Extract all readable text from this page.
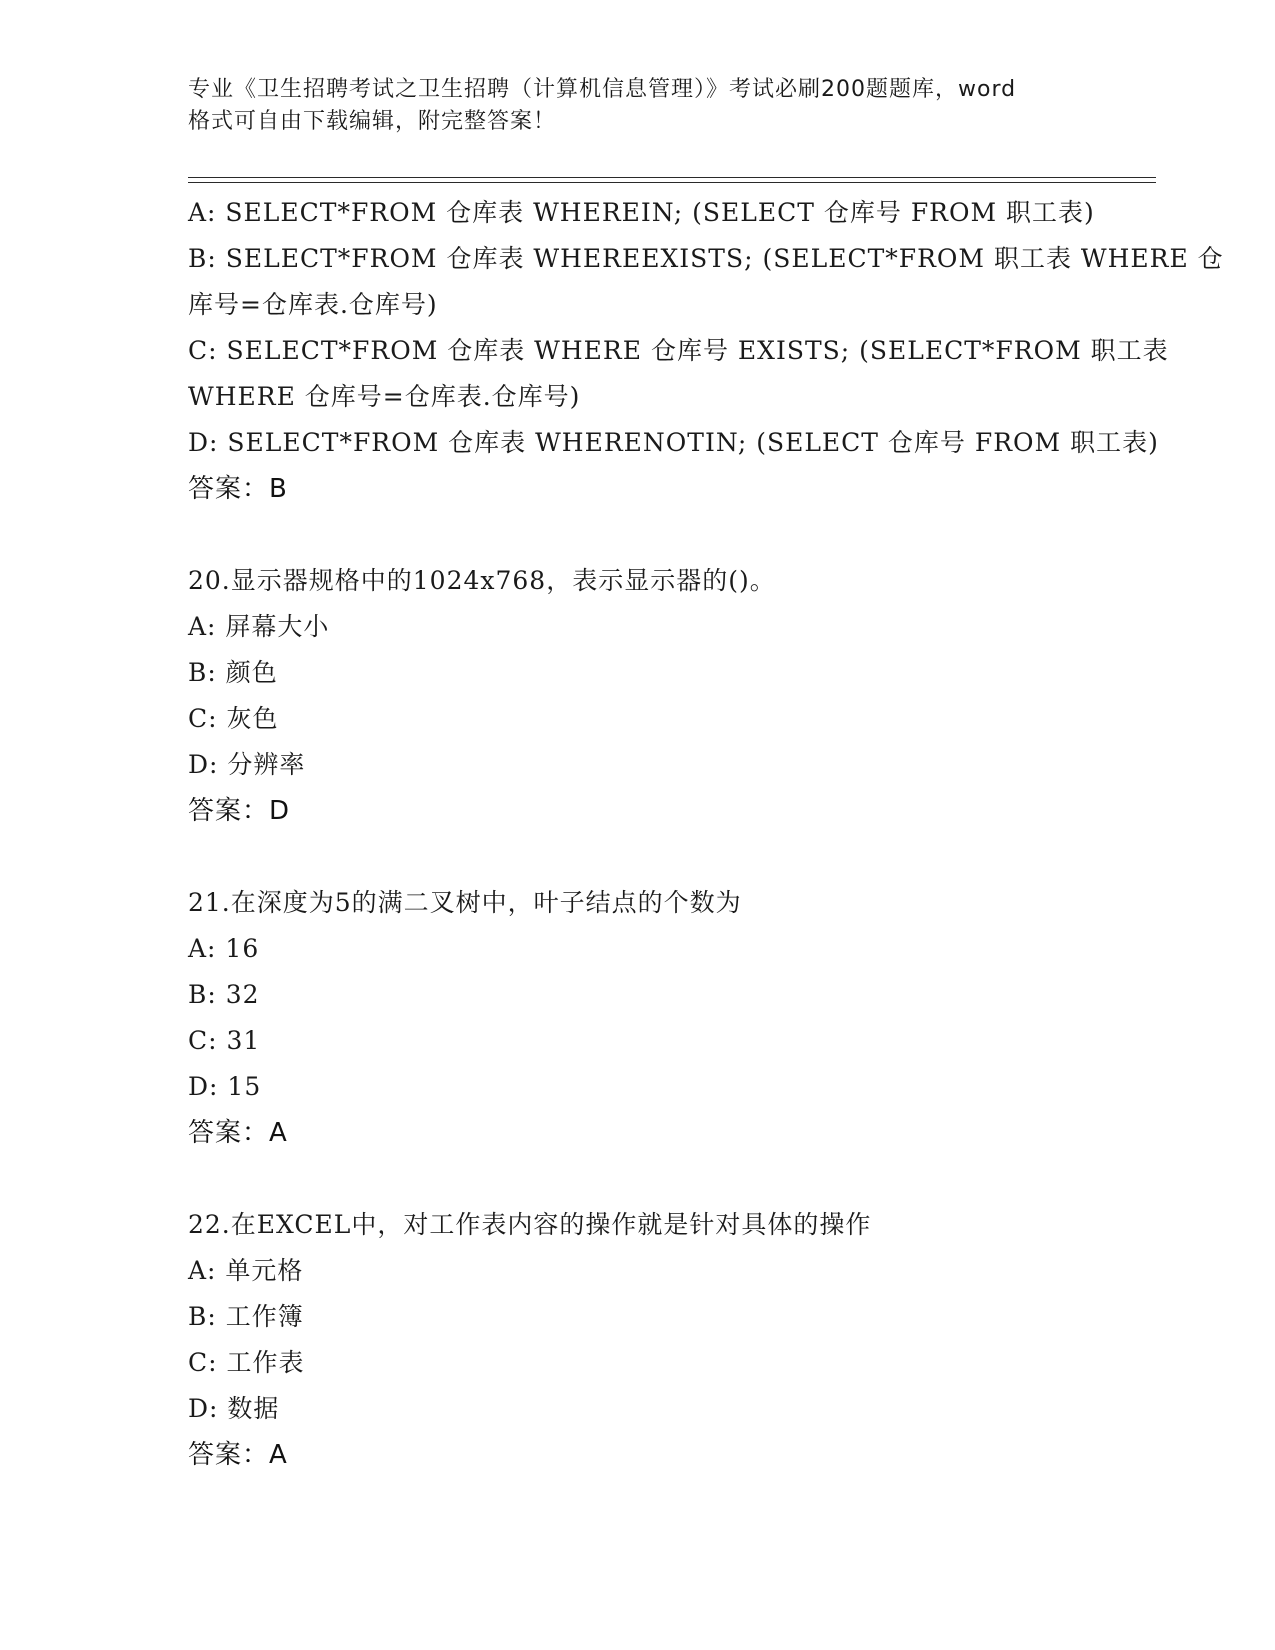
专业《卫生招聘考试之卫生招聘（计算机信息管理）》考试必刷200题题库，word
格式可自由下载编辑，附完整答案！
A: SELECT*FROM 仓库表 WHEREIN; (SELECT 仓库号 FROM 职工表)
B: SELECT*FROM 仓库表 WHEREEXISTS; (SELECT*FROM 职工表 WHERE 仓
库号=仓库表.仓库号)
C: SELECT*FROM 仓库表 WHERE 仓库号 EXISTS; (SELECT*FROM 职工表
WHERE 仓库号=仓库表.仓库号)
D: SELECT*FROM 仓库表 WHERENOTIN; (SELECT 仓库号 FROM 职工表)
答案：B
20.显示器规格中的1024x768，表示显示器的()。
A: 屏幕大小
B: 颜色
C: 灰色
D: 分辨率
答案：D
21.在深度为5的满二叉树中，叶子结点的个数为
A: 16
B: 32
C: 31
D: 15
答案：A
22.在EXCEL中，对工作表内容的操作就是针对具体的操作
A: 单元格
B: 工作簿
C: 工作表
D: 数据
答案：A
